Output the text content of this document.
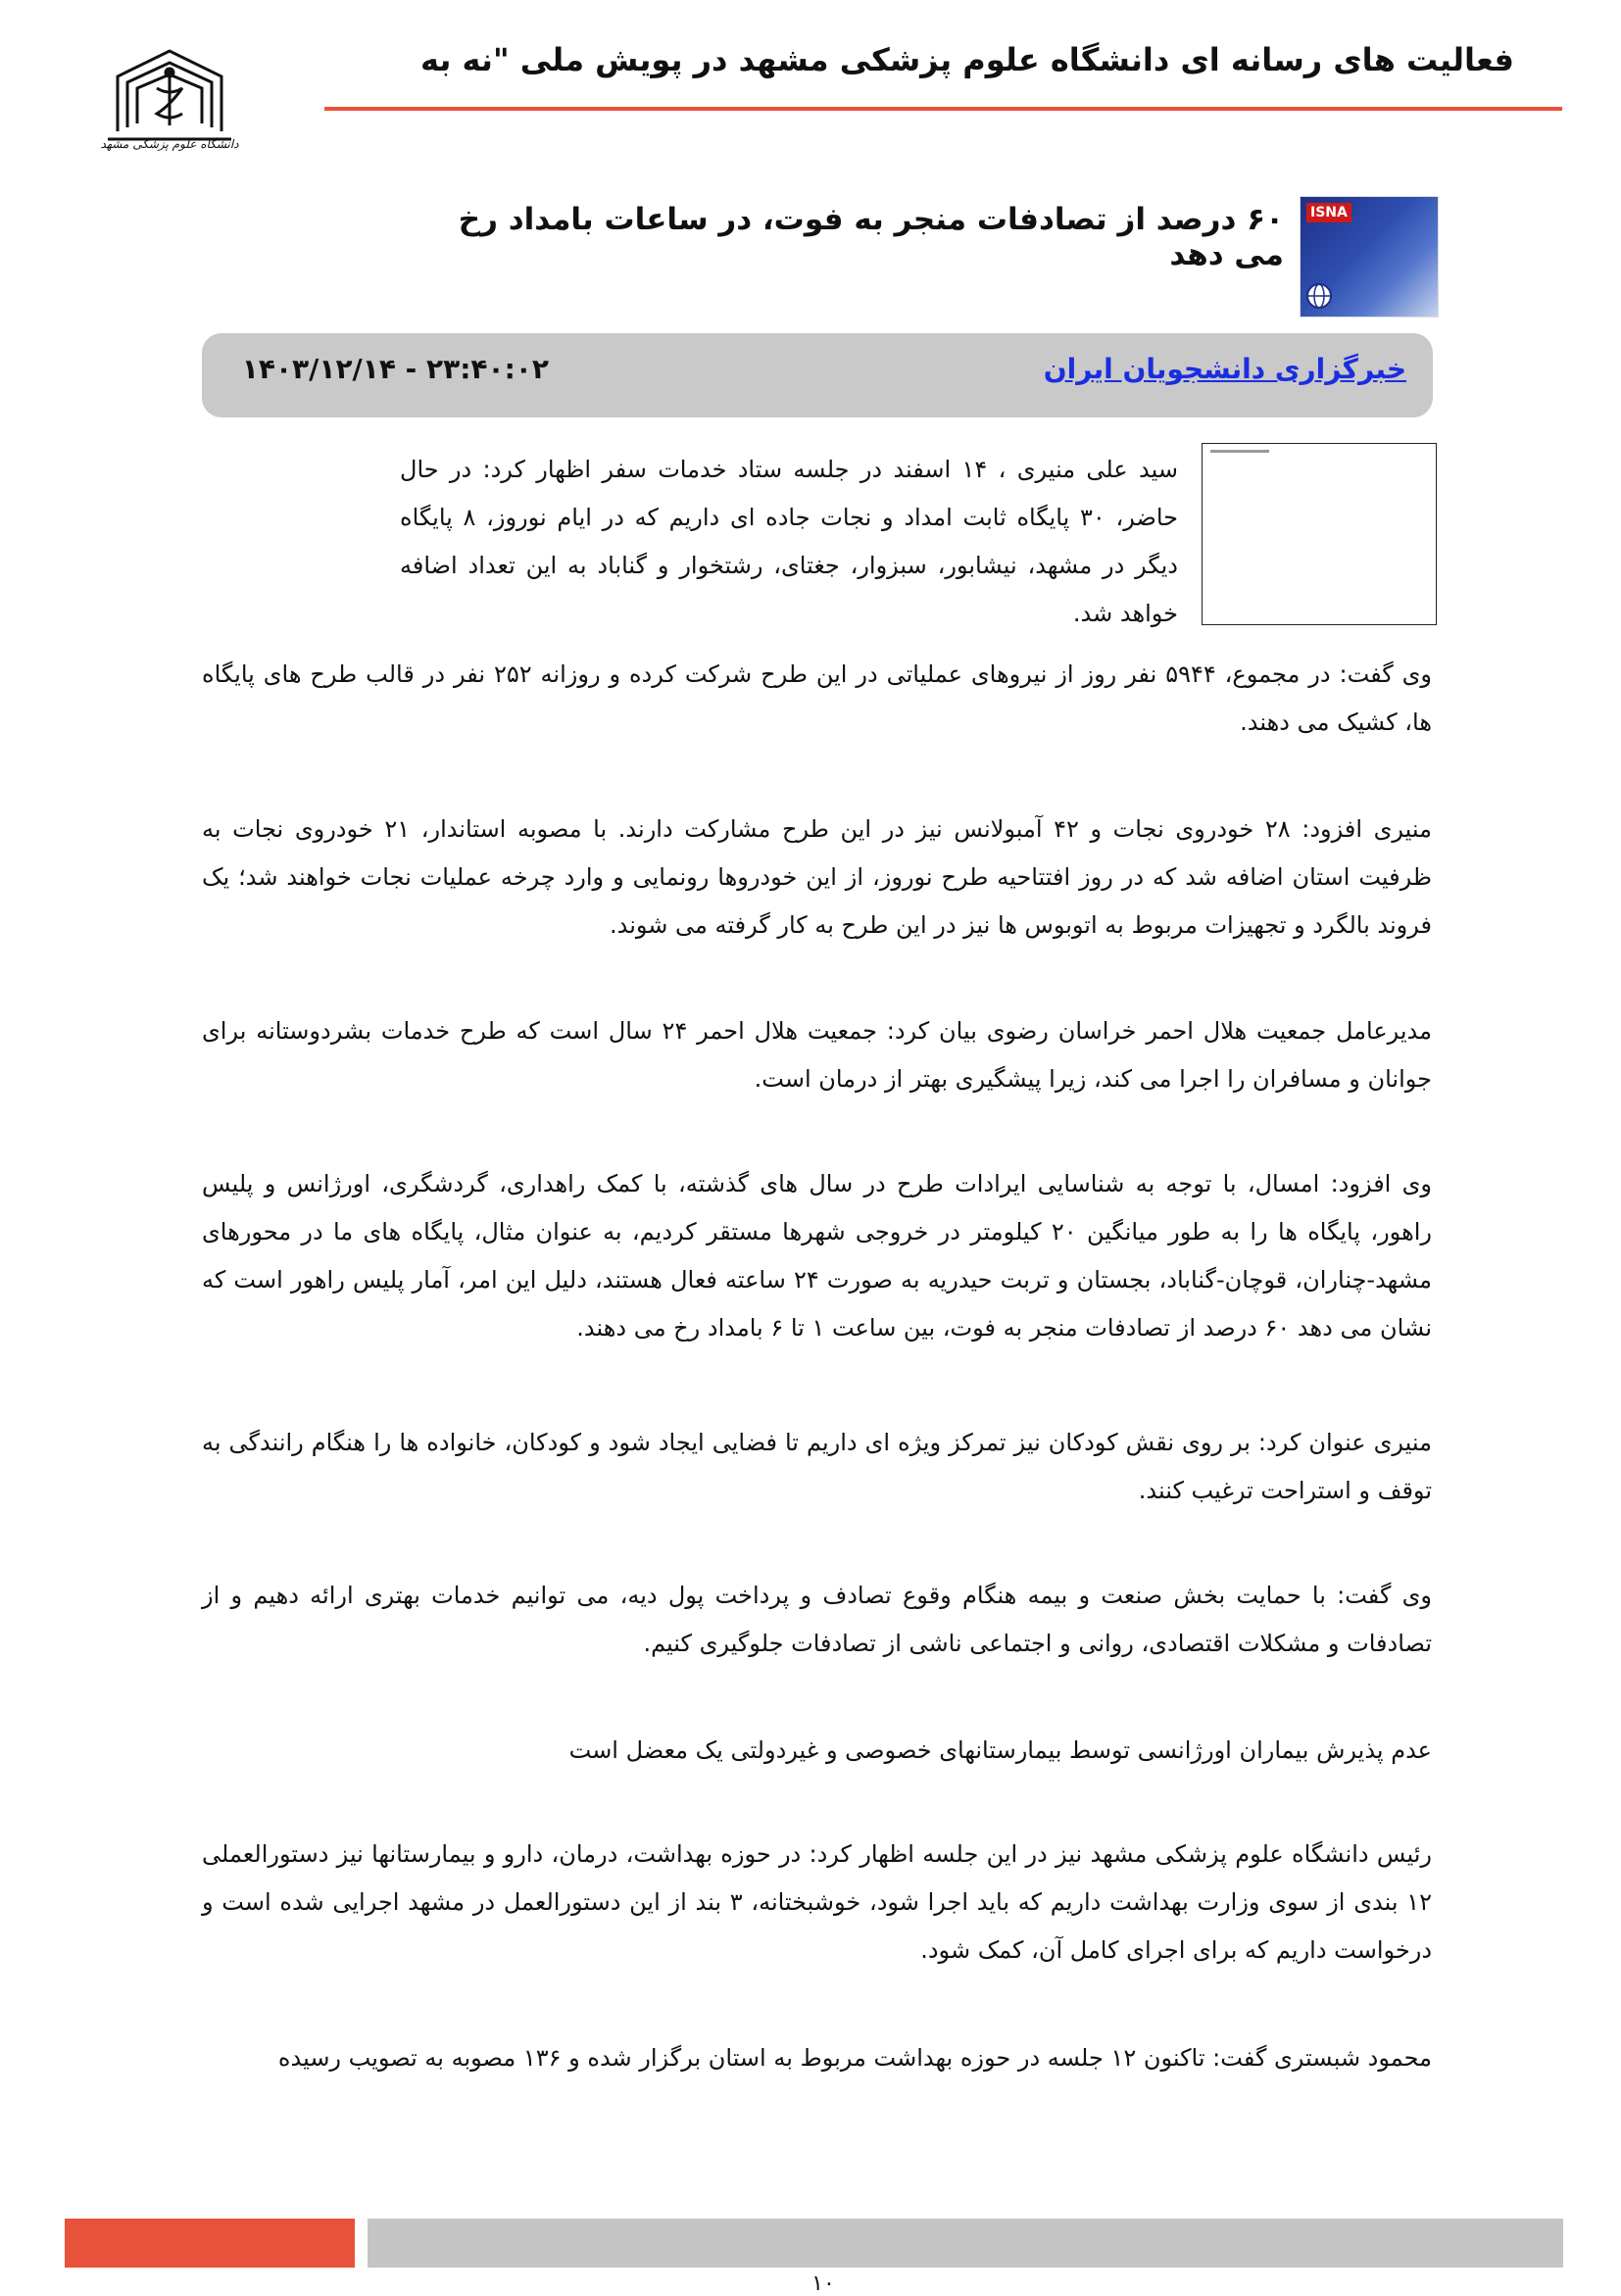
فعالیت های رسانه ای دانشگاه علوم پزشکی مشهد در پویش ملی "نه به
دانشگاه علوم پزشکی مشهد
۶۰ درصد از تصادفات منجر به فوت، در ساعات بامداد رخ می دهد
ISNA
خبرگزاری دانشجویان ایران
۱۴۰۳/۱۲/۱۴ - ۲۳:۴۰:۰۲

سید علی منیری ، ۱۴ اسفند در جلسه ستاد خدمات سفر اظهار کرد: در حال حاضر، ۳۰ پایگاه ثابت امداد و نجات جاده ای داریم که در ایام نوروز، ۸ پایگاه دیگر در مشهد، نیشابور، سبزوار، جغتای، رشتخوار و گناباد به این تعداد اضافه خواهد شد.

وی گفت: در مجموع، ۵۹۴۴ نفر روز از نیروهای عملیاتی در این طرح شرکت کرده و روزانه ۲۵۲ نفر در قالب طرح های پایگاه ها، کشیک می دهند.

منیری افزود: ۲۸ خودروی نجات و ۴۲ آمبولانس نیز در این طرح مشارکت دارند. با مصوبه استاندار، ۲۱ خودروی نجات به ظرفیت استان اضافه شد که در روز افتتاحیه طرح نوروز، از این خودروها رونمایی و وارد چرخه عملیات نجات خواهند شد؛ یک فروند بالگرد و تجهیزات مربوط به اتوبوس ها نیز در این طرح به کار گرفته می شوند.

مدیرعامل جمعیت هلال احمر خراسان رضوی بیان کرد: جمعیت هلال احمر ۲۴ سال است که طرح خدمات بشردوستانه برای جوانان و مسافران را اجرا می کند، زیرا پیشگیری بهتر از درمان است.

وی افزود: امسال، با توجه به شناسایی ایرادات طرح در سال های گذشته، با کمک راهداری، گردشگری، اورژانس و پلیس راهور، پایگاه ها را به طور میانگین ۲۰ کیلومتر در خروجی شهرها مستقر کردیم، به عنوان مثال، پایگاه های ما در محورهای مشهد-چناران، قوچان-گناباد، بجستان و تربت حیدریه به صورت ۲۴ ساعته فعال هستند، دلیل این امر، آمار پلیس راهور است که نشان می دهد ۶۰ درصد از تصادفات منجر به فوت، بین ساعت ۱ تا ۶ بامداد رخ می دهند.

منیری عنوان کرد: بر روی نقش کودکان نیز تمرکز ویژه ای داریم تا فضایی ایجاد شود و کودکان، خانواده ها را هنگام رانندگی به توقف و استراحت ترغیب کنند.

وی گفت: با حمایت بخش صنعت و بیمه هنگام وقوع تصادف و پرداخت پول دیه، می توانیم خدمات بهتری ارائه دهیم و از تصادفات و مشکلات اقتصادی، روانی و اجتماعی ناشی از تصادفات جلوگیری کنیم.

عدم پذیرش بیماران اورژانسی توسط بیمارستانهای خصوصی و غیردولتی یک معضل است

رئیس دانشگاه علوم پزشکی مشهد نیز در این جلسه اظهار کرد: در حوزه بهداشت، درمان، دارو و بیمارستانها نیز دستورالعملی ۱۲ بندی از سوی وزارت بهداشت داریم که باید اجرا شود، خوشبختانه، ۳ بند از این دستورالعمل در مشهد اجرایی شده است و درخواست داریم که برای اجرای کامل آن، کمک شود.

محمود شبستری گفت: تاکنون ۱۲ جلسه در حوزه بهداشت مربوط به استان برگزار شده و ۱۳۶ مصوبه به تصویب رسیده

۱۰
